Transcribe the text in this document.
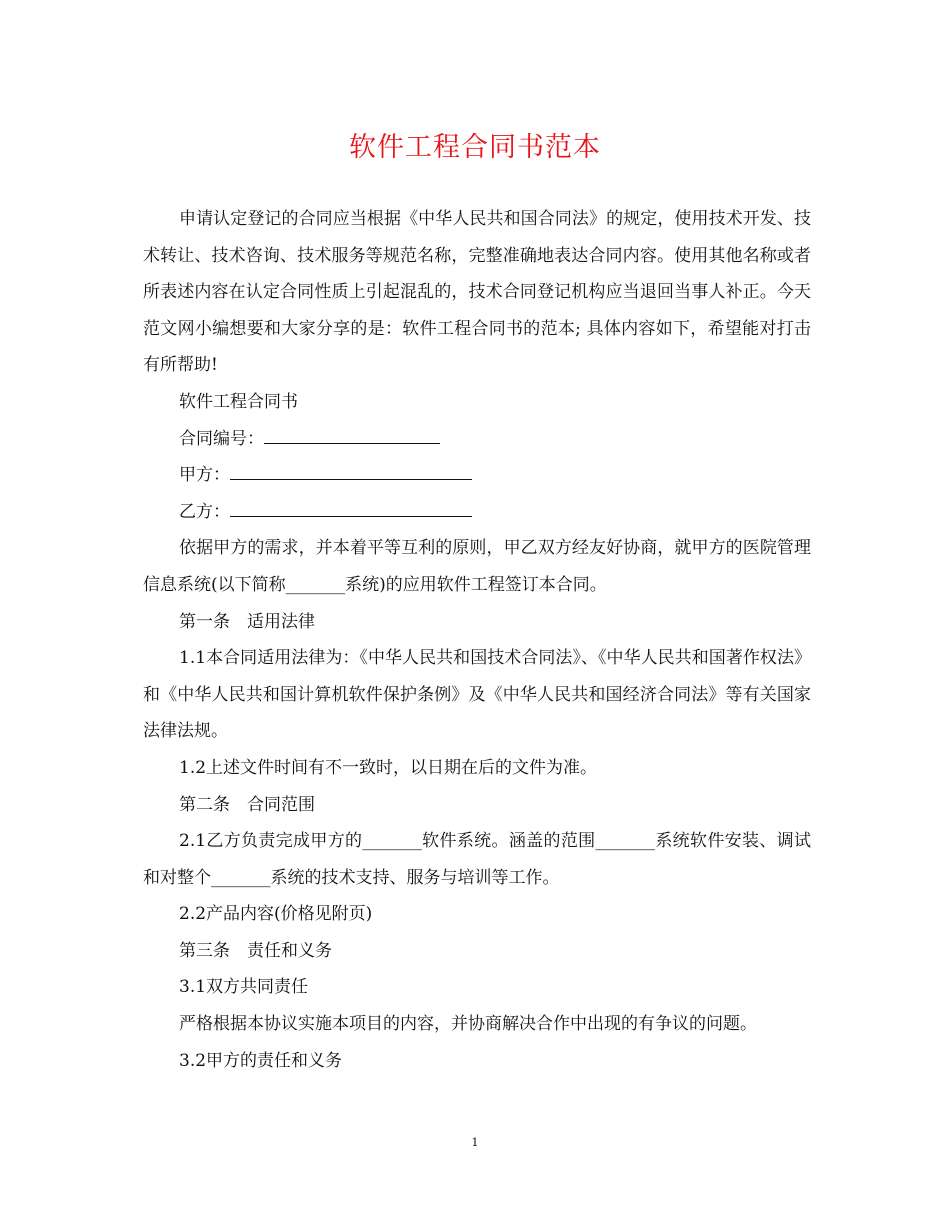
软件工程合同书范本

申请认定登记的合同应当根据《中华人民共和国合同法》的规定，使用技术开发、技术转让、技术咨询、技术服务等规范名称，完整准确地表达合同内容。使用其他名称或者所表述内容在认定合同性质上引起混乱的，技术合同登记机构应当退回当事人补正。今天范文网小编想要和大家分享的是：软件工程合同书的范本; 具体内容如下，希望能对打击有所帮助!

软件工程合同书

合同编号：

甲方：

乙方：

依据甲方的需求，并本着平等互利的原则，甲乙双方经友好协商，就甲方的医院管理信息系统(以下简称_______系统)的应用软件工程签订本合同。

第一条　适用法律

1.1本合同适用法律为：《中华人民共和国技术合同法》、《中华人民共和国著作权法》和《中华人民共和国计算机软件保护条例》及《中华人民共和国经济合同法》等有关国家法律法规。

1.2上述文件时间有不一致时，以日期在后的文件为准。

第二条　合同范围

2.1乙方负责完成甲方的_______软件系统。涵盖的范围_______系统软件安装、调试和对整个_______系统的技术支持、服务与培训等工作。

2.2产品内容(价格见附页)

第三条　责任和义务

3.1双方共同责任

严格根据本协议实施本项目的内容，并协商解决合作中出现的有争议的问题。

3.2甲方的责任和义务

1
